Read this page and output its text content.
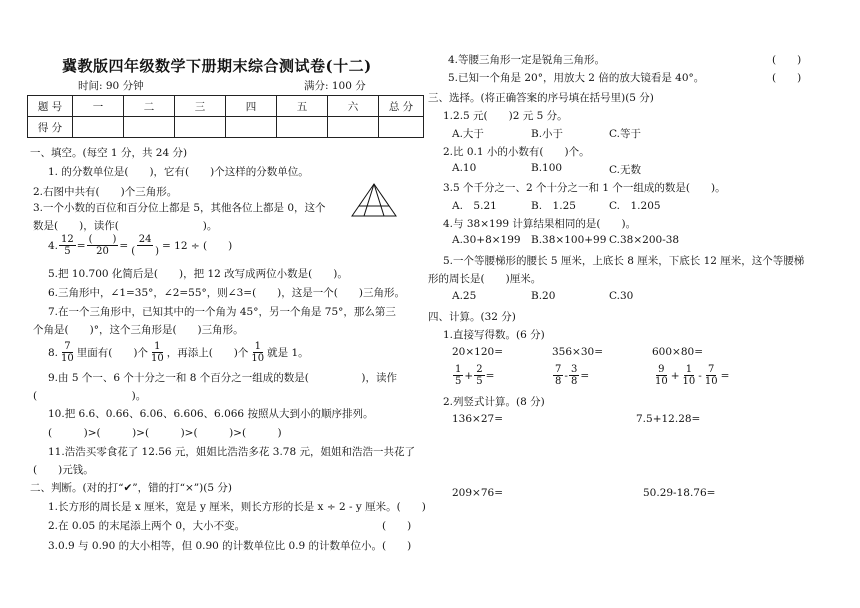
冀教版四年级数学下册期末综合测试卷(十二)
时间: 90 分钟	满分: 100 分
题 号	一	二	三	四	五	六	总 分
得 分							
一、填空。(每空 1 分，共 24 分)
1. 的分数单位是(　　)，它有(　　)个这样的分数单位。
2.右图中共有(　　)个三角形。
3.一个小数的百位和百分位上都是 5，其他各位上都是 0，这个
数是(　　)，读作(　　　　　　　　)。
4. $\frac{12}{5} = \frac{( )}{20} = \frac{24}{( )} = 12$ ÷ (　　)
5.把 10.700 化简后是(　　)，把 12 改写成两位小数是(　　)。
6.三角形中，∠1=35°，∠2=55°，则∠3=(　　)，这是一个(　　)三角形。
7.在一个三角形中，已知其中的一个角为 45°，另一个角是 75°，那么第三
个角是(　　)°，这个三角形是(　　)三角形。
8. $\frac{7}{10}$ 里面有(　　)个 $\frac{1}{10}$ ，再添上(　　)个 $\frac{1}{10}$ 就是 1。
9.由 5 个一、6 个十分之一和 8 个百分之一组成的数是(　　　　　)，读作
(　　　　　　　　　)。
10.把 6.6、0.66、6.06、6.606、6.066 按照从大到小的顺序排列。
(　　　)>(　　　)>(　　　)>(　　　)>(　　　)
11.浩浩买零食花了 12.56 元，姐姐比浩浩多花 3.78 元，姐姐和浩浩一共花了
(　　)元钱。
二、判断。(对的打“✔”，错的打“×”)(5 分)
1.长方形的周长是 x 厘米，宽是 y 厘米，则长方形的长是 x ÷ 2 - y 厘米。(　　)
2.在 0.05 的末尾添上两个 0，大小不变。	(　　)
3.0.9 与 0.90 的大小相等，但 0.90 的计数单位比 0.9 的计数单位小。(　　)
4.等腰三角形一定是锐角三角形。	(　　)
5.已知一个角是 20°，用放大 2 倍的放大镜看是 40°。	(　　)
三、选择。(将正确答案的序号填在括号里)(5 分)
1.2.5 元(　　)2 元 5 分。
A.大于	B.小于	C.等于
2.比 0.1 小的小数有(　　)个。
A.10	B.100	C.无数
3.5 个千分之一、2 个十分之一和 1 个一组成的数是(　　)。
A.　5.21	B.　1.25	C.　1.205
4.与 38×199 计算结果相同的是(　　)。
A.30+8×199 B.38×100+99 C.38×200-38
5.一个等腰梯形的腰长 5 厘米，上底长 8 厘米，下底长 12 厘米，这个等腰梯
形的周长是(　　)厘米。
A.25	B.20	C.30
四、计算。(32 分)
1.直接写得数。(6 分)
20×120=	356×30=	600×80=
$\frac{1}{5} + \frac{2}{5}$ =	$\frac{7}{8} - \frac{3}{8}$ =	$\frac{9}{10} + \frac{1}{10} - \frac{7}{10}$ =
2.列竖式计算。(8 分)
136×27=	7.5+12.28=
209×76=	50.29-18.76=
